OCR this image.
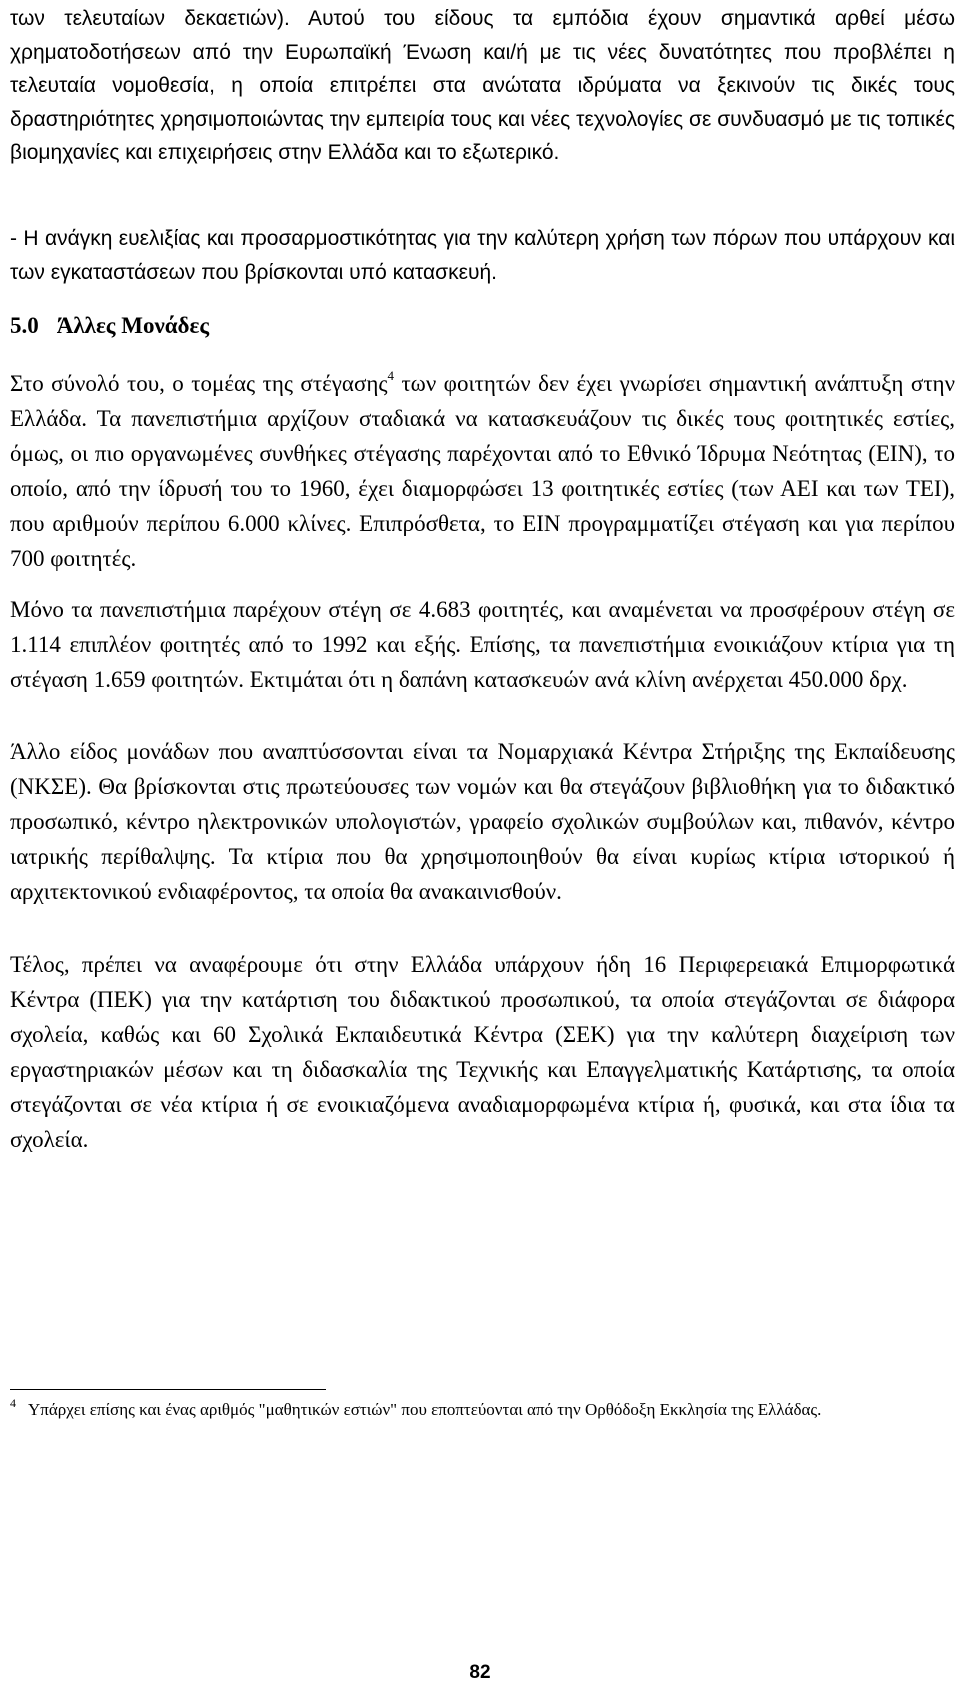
των τελευταίων δεκαετιών). Αυτού του είδους τα εμπόδια έχουν σημαντικά αρθεί μέσω χρηματοδοτήσεων από την Ευρωπαϊκή Ένωση και/ή με τις νέες δυνατότητες που προβλέπει η τελευταία νομοθεσία, η οποία επιτρέπει στα ανώτατα ιδρύματα να ξεκινούν τις δικές τους δραστηριότητες χρησιμοποιώντας την εμπειρία τους και νέες τεχνολογίες σε συνδυασμό με τις τοπικές βιομηχανίες και επιχειρήσεις στην Ελλάδα και το εξωτερικό.

- Η ανάγκη ευελιξίας και προσαρμοστικότητας για την καλύτερη χρήση των πόρων που υπάρχουν και των εγκαταστάσεων που βρίσκονται υπό κατασκευή.

5.0 Άλλες Μονάδες

Στο σύνολό του, ο τομέας της στέγασης$^4$ των φοιτητών δεν έχει γνωρίσει σημαντική ανάπτυξη στην Ελλάδα. Τα πανεπιστήμια αρχίζουν σταδιακά να κατασκευάζουν τις δικές τους φοιτητικές εστίες, όμως, οι πιο οργανωμένες συνθήκες στέγασης παρέχονται από το Εθνικό Ίδρυμα Νεότητας (ΕΙΝ), το οποίο, από την ίδρυσή του το 1960, έχει διαμορφώσει 13 φοιτητικές εστίες (των ΑΕΙ και των ΤΕΙ), που αριθμούν περίπου 6.000 κλίνες. Επιπρόσθετα, το ΕΙΝ προγραμματίζει στέγαση και για περίπου 700 φοιτητές.

Μόνο τα πανεπιστήμια παρέχουν στέγη σε 4.683 φοιτητές, και αναμένεται να προσφέρουν στέγη σε 1.114 επιπλέον φοιτητές από το 1992 και εξής. Επίσης, τα πανεπιστήμια ενοικιάζουν κτίρια για τη στέγαση 1.659 φοιτητών. Εκτιμάται ότι η δαπάνη κατασκευών ανά κλίνη ανέρχεται 450.000 δρχ.

Άλλο είδος μονάδων που αναπτύσσονται είναι τα Νομαρχιακά Κέντρα Στήριξης της Εκπαίδευσης (ΝΚΣΕ). Θα βρίσκονται στις πρωτεύουσες των νομών και θα στεγάζουν βιβλιοθήκη για το διδακτικό προσωπικό, κέντρο ηλεκτρονικών υπολογιστών, γραφείο σχολικών συμβούλων και, πιθανόν, κέντρο ιατρικής περίθαλψης. Τα κτίρια που θα χρησιμοποιηθούν θα είναι κυρίως κτίρια ιστορικού ή αρχιτεκτονικού ενδιαφέροντος, τα οποία θα ανακαινισθούν.

Τέλος, πρέπει να αναφέρουμε ότι στην Ελλάδα υπάρχουν ήδη 16 Περιφερειακά Επιμορφωτικά Κέντρα (ΠΕΚ) για την κατάρτιση του διδακτικού προσωπικού, τα οποία στεγάζονται σε διάφορα σχολεία, καθώς και 60 Σχολικά Εκπαιδευτικά Κέντρα (ΣΕΚ) για την καλύτερη διαχείριση των εργαστηριακών μέσων και τη διδασκαλία της Τεχνικής και Επαγγελματικής Κατάρτισης, τα οποία στεγάζονται σε νέα κτίρια ή σε ενοικιαζόμενα αναδιαμορφωμένα κτίρια ή, φυσικά, και στα ίδια τα σχολεία.

$^4$ Υπάρχει επίσης και ένας αριθμός "μαθητικών εστιών" που εποπτεύονται από την Ορθόδοξη Εκκλησία της Ελλάδας.

82
